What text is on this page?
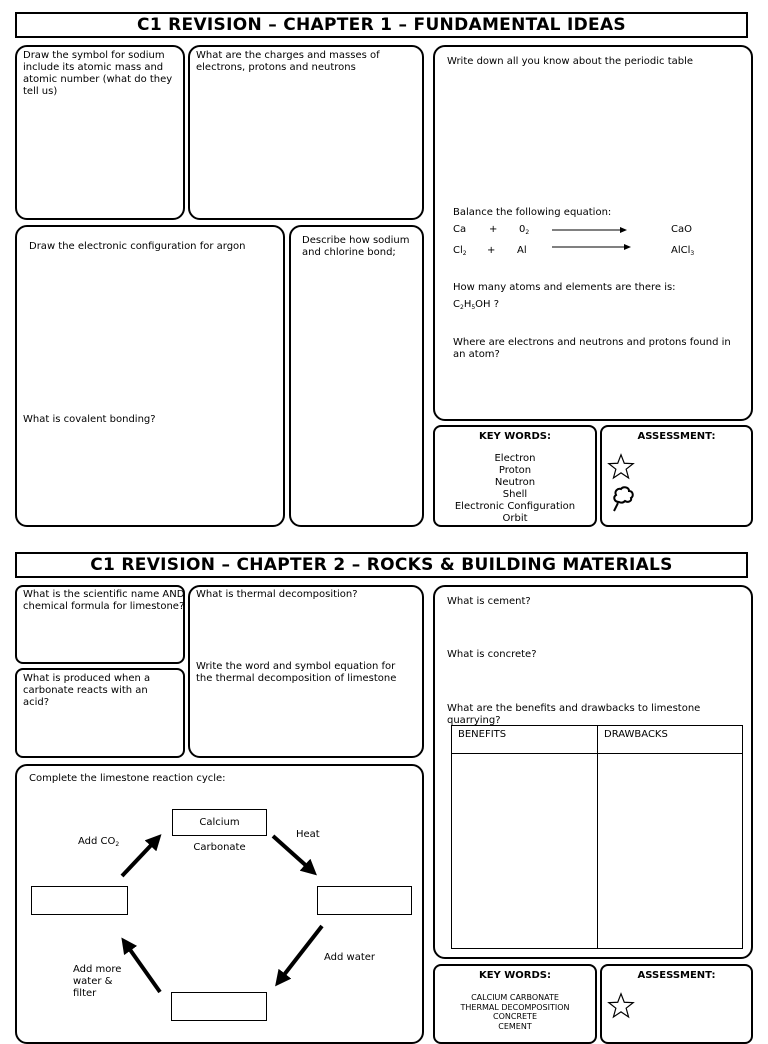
C1 REVISION – CHAPTER 1 – FUNDAMENTAL IDEAS
Draw the symbol for sodium include its atomic mass and atomic number (what do they tell us)
What are the charges and masses of electrons, protons and neutrons
Write down all you know about the periodic table
Balance the following equation:
$Ca + 0_2$	CaO
$Cl_2 + Al$	AlCl$_3$
How many atoms and elements are there is:
$C_2H_5OH$ ?
Where are electrons and neutrons and protons found in an atom?
Draw the electronic configuration for argon
What is covalent bonding?
Describe how sodium and chlorine bond;
KEY WORDS:
Electron
Proton
Neutron
Shell
Electronic Configuration
Orbit
ASSESSMENT:
C1 REVISION – CHAPTER 2 – ROCKS & BUILDING MATERIALS
What is the scientific name AND chemical formula for limestone?
What is produced when a carbonate reacts with an acid?
What is thermal decomposition?
Write the word and symbol equation for the thermal decomposition of limestone
What is cement?
What is concrete?
What are the benefits and drawbacks to limestone quarrying?
BENEFITS	DRAWBACKS

Complete the limestone reaction cycle:
Calcium Carbonate
Add $CO_2$
Heat
Add water
Add more
water &
filter
KEY WORDS:
CALCIUM CARBONATE
THERMAL DECOMPOSITION
CONCRETE
CEMENT
ASSESSMENT:
